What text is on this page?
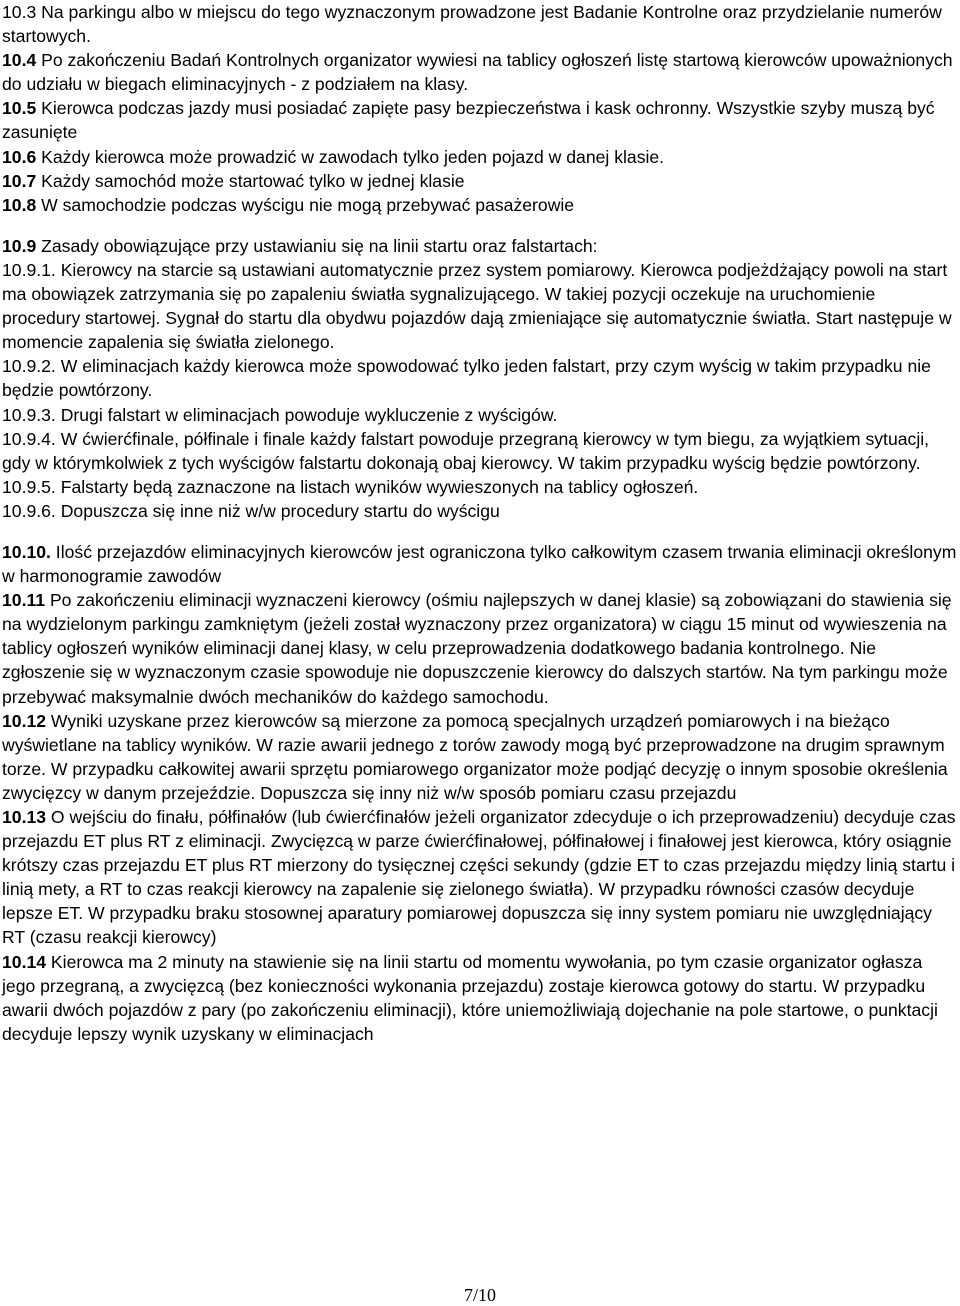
10.3 Na parkingu albo w miejscu do tego wyznaczonym prowadzone jest Badanie Kontrolne oraz przydzielanie numerów startowych.

10.4 Po zakończeniu Badań Kontrolnych organizator wywiesi na tablicy ogłoszeń listę startową kierowców upoważnionych do udziału w biegach eliminacyjnych - z podziałem na klasy.

10.5 Kierowca podczas jazdy musi posiadać zapięte pasy bezpieczeństwa i kask ochronny. Wszystkie szyby muszą być zasunięte

10.6 Każdy kierowca może prowadzić w zawodach tylko jeden pojazd w danej klasie.

10.7 Każdy samochód może startować tylko w jednej klasie

10.8 W samochodzie podczas wyścigu nie mogą przebywać pasażerowie

10.9 Zasady obowiązujące przy ustawianiu się na linii startu oraz falstartach:

10.9.1. Kierowcy na starcie są ustawiani automatycznie przez system pomiarowy. Kierowca podjeżdżający powoli na start ma obowiązek zatrzymania się po zapaleniu światła sygnalizującego. W takiej pozycji oczekuje na uruchomienie procedury startowej. Sygnał do startu dla obydwu pojazdów dają zmieniające się automatycznie światła. Start następuje w momencie zapalenia się światła zielonego.

10.9.2. W eliminacjach każdy kierowca może spowodować tylko jeden falstart, przy czym wyścig w takim przypadku nie będzie powtórzony.

10.9.3. Drugi falstart w eliminacjach powoduje wykluczenie z wyścigów.

10.9.4. W ćwierćfinale, półfinale i finale każdy falstart powoduje przegraną kierowcy w tym biegu, za wyjątkiem sytuacji, gdy w którymkolwiek z tych wyścigów falstartu dokonają obaj kierowcy. W takim przypadku wyścig będzie powtórzony.

10.9.5. Falstarty będą zaznaczone na listach wyników wywieszonych na tablicy ogłoszeń.

10.9.6. Dopuszcza się inne niż w/w procedury startu do wyścigu

10.10. Ilość przejazdów eliminacyjnych kierowców jest ograniczona tylko całkowitym czasem trwania eliminacji określonym w harmonogramie zawodów

10.11 Po zakończeniu eliminacji wyznaczeni kierowcy (ośmiu najlepszych w danej klasie) są zobowiązani do stawienia się na wydzielonym parkingu zamkniętym (jeżeli został wyznaczony przez organizatora) w ciągu 15 minut od wywieszenia na tablicy ogłoszeń wyników eliminacji danej klasy, w celu przeprowadzenia dodatkowego badania kontrolnego. Nie zgłoszenie się w wyznaczonym czasie spowoduje nie dopuszczenie kierowcy do dalszych startów. Na tym parkingu może przebywać maksymalnie dwóch mechaników do każdego samochodu.

10.12 Wyniki uzyskane przez kierowców są mierzone za pomocą specjalnych urządzeń pomiarowych i na bieżąco wyświetlane na tablicy wyników. W razie awarii jednego z torów zawody mogą być przeprowadzone na drugim sprawnym torze. W przypadku całkowitej awarii sprzętu pomiarowego organizator może podjąć decyzję o innym sposobie określenia zwycięzcy w danym przejeździe. Dopuszcza się inny niż w/w sposób pomiaru czasu przejazdu

10.13 O wejściu do finału, półfinałów (lub ćwierćfinałów jeżeli organizator zdecyduje o ich przeprowadzeniu) decyduje czas przejazdu ET plus RT z eliminacji. Zwycięzcą w parze ćwierćfinałowej, półfinałowej i finałowej jest kierowca, który osiągnie krótszy czas przejazdu ET plus RT mierzony do tysięcznej części sekundy (gdzie ET to czas przejazdu między linią startu i linią mety, a RT to czas reakcji kierowcy na zapalenie się zielonego światła). W przypadku równości czasów decyduje lepsze ET. W przypadku braku stosownej aparatury pomiarowej dopuszcza się inny system pomiaru nie uwzględniający RT (czasu reakcji kierowcy)

10.14 Kierowca ma 2 minuty na stawienie się na linii startu od momentu wywołania, po tym czasie organizator ogłasza jego przegraną, a zwycięzcą (bez konieczności wykonania przejazdu) zostaje kierowca gotowy do startu. W przypadku awarii dwóch pojazdów z pary (po zakończeniu eliminacji), które uniemożliwiają dojechanie na pole startowe, o punktacji decyduje lepszy wynik uzyskany w eliminacjach

7/10
